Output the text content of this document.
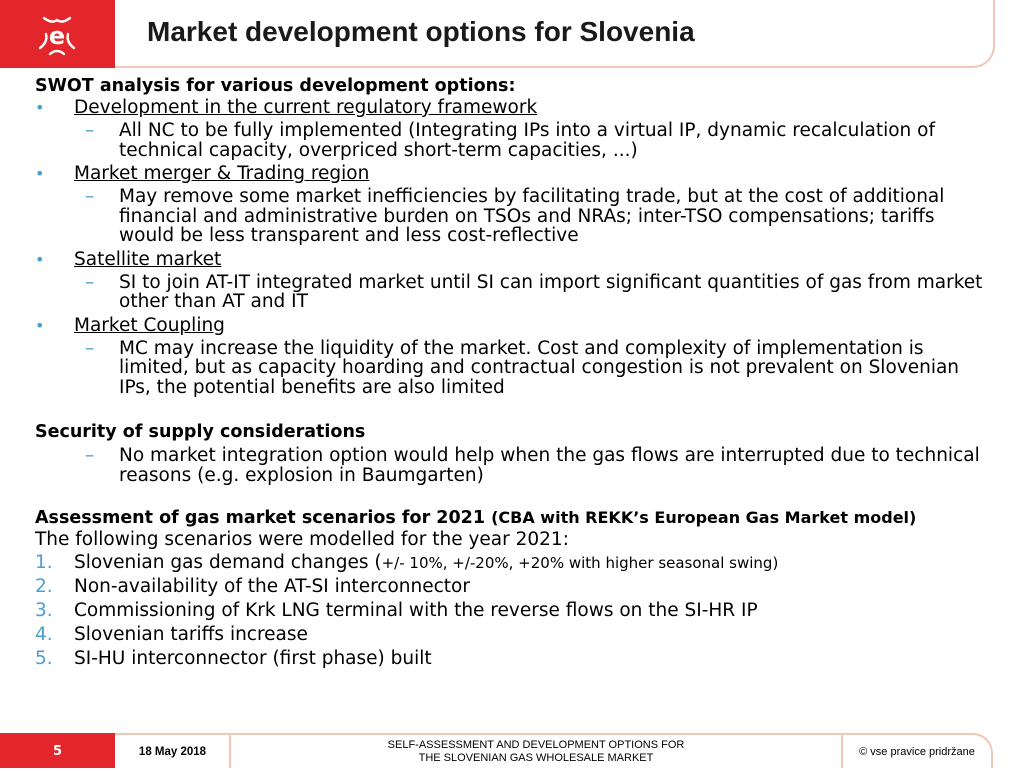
e	Market development options for Slovenia

SWOT analysis for various development options:

• Development in the current regulatory framework
– All NC to be fully implemented (Integrating IPs into a virtual IP, dynamic recalculation of technical capacity, overpriced short-term capacities, ...)
• Market merger & Trading region
– May remove some market inefficiencies by facilitating trade, but at the cost of additional financial and administrative burden on TSOs and NRAs; inter-TSO compensations; tariffs would be less transparent and less cost-reflective
• Satellite market
– SI to join AT-IT integrated market until SI can import significant quantities of gas from market other than AT and IT
• Market Coupling
– MC may increase the liquidity of the market. Cost and complexity of implementation is limited, but as capacity hoarding and contractual congestion is not prevalent on Slovenian IPs, the potential benefits are also limited

Security of supply considerations

– No market integration option would help when the gas flows are interrupted due to technical reasons (e.g. explosion in Baumgarten)

Assessment of gas market scenarios for 2021 (CBA with REKK’s European Gas Market model)

The following scenarios were modelled for the year 2021:

1. Slovenian gas demand changes (+/- 10%, +/-20%, +20% with higher seasonal swing)
2. Non-availability of the AT-SI interconnector
3. Commissioning of Krk LNG terminal with the reverse flows on the SI-HR IP
4. Slovenian tariffs increase
5. SI-HU interconnector (first phase) built
5	18 May 2018
SELF-ASSESSMENT AND DEVELOPMENT OPTIONS FOR
THE SLOVENIAN GAS WHOLESALE MARKET	© vse pravice pridržane
